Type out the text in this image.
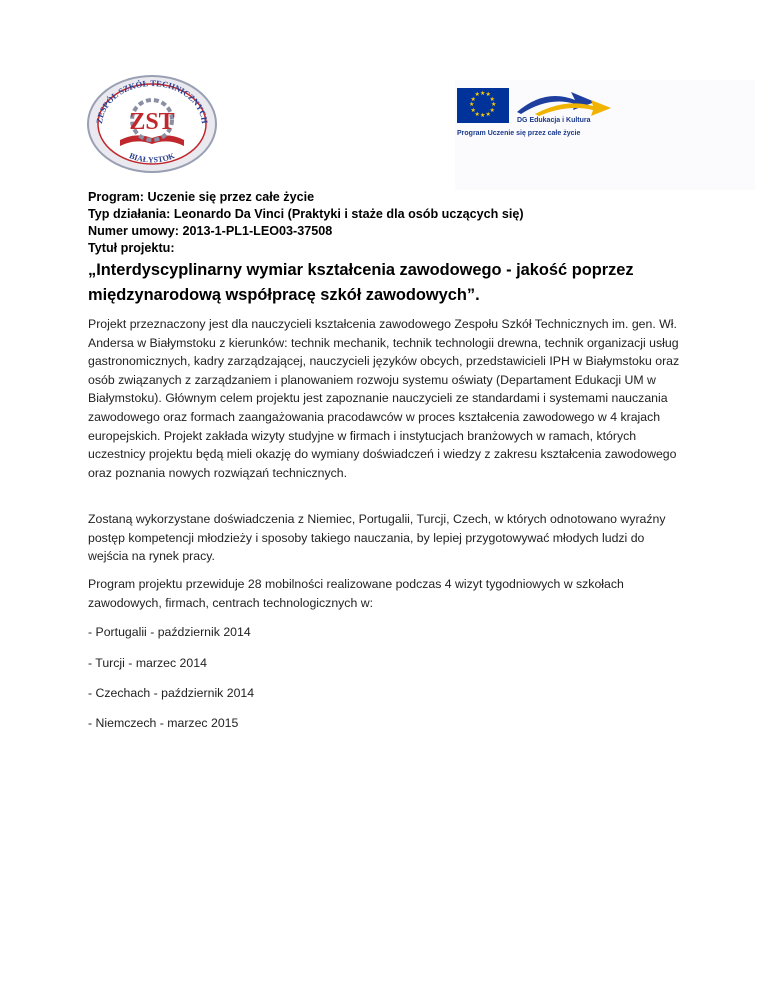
ZESPÓŁ SZKÓŁ TECHNICZNYCH
BIAŁYSTOK
ZST
★ ★
★
★
★
★
★
★
★
★
★
★
DG Edukacja i Kultura
Program Uczenie się przez całe życie
Program: Uczenie się przez całe życie
Typ działania: Leonardo Da Vinci (Praktyki i staże dla osób uczących się)
Numer umowy: 2013-1-PL1-LEO03-37508
Tytuł projektu:
„Interdyscyplinarny wymiar kształcenia zawodowego - jakość poprzez międzynarodową współpracę szkół zawodowych”.

Projekt przeznaczony jest dla nauczycieli kształcenia zawodowego Zespołu Szkół Technicznych im. gen. Wł. Andersa w Białymstoku z kierunków: technik mechanik, technik technologii drewna, technik organizacji usług gastronomicznych, kadry zarządzającej, nauczycieli języków obcych, przedstawicieli IPH w Białymstoku oraz osób związanych z zarządzaniem i planowaniem rozwoju systemu oświaty (Departament Edukacji UM w Białymstoku). Głównym celem projektu jest zapoznanie nauczycieli ze standardami i systemami nauczania zawodowego oraz formach zaangażowania pracodawców w proces kształcenia zawodowego w 4 krajach europejskich. Projekt zakłada wizyty studyjne w firmach i instytucjach branżowych w ramach, których uczestnicy projektu będą mieli okazję do wymiany doświadczeń i wiedzy z zakresu kształcenia zawodowego oraz poznania nowych rozwiązań technicznych.

Zostaną wykorzystane doświadczenia z Niemiec, Portugalii, Turcji, Czech, w których odnotowano wyraźny postęp kompetencji młodzieży i sposoby takiego nauczania, by lepiej przygotowywać młodych ludzi do wejścia na rynek pracy.

Program projektu przewiduje 28 mobilności realizowane podczas 4 wizyt tygodniowych w szkołach zawodowych, firmach, centrach technologicznych w:

- Portugalii - październik 2014
- Turcji - marzec 2014
- Czechach - październik 2014
- Niemczech - marzec 2015
